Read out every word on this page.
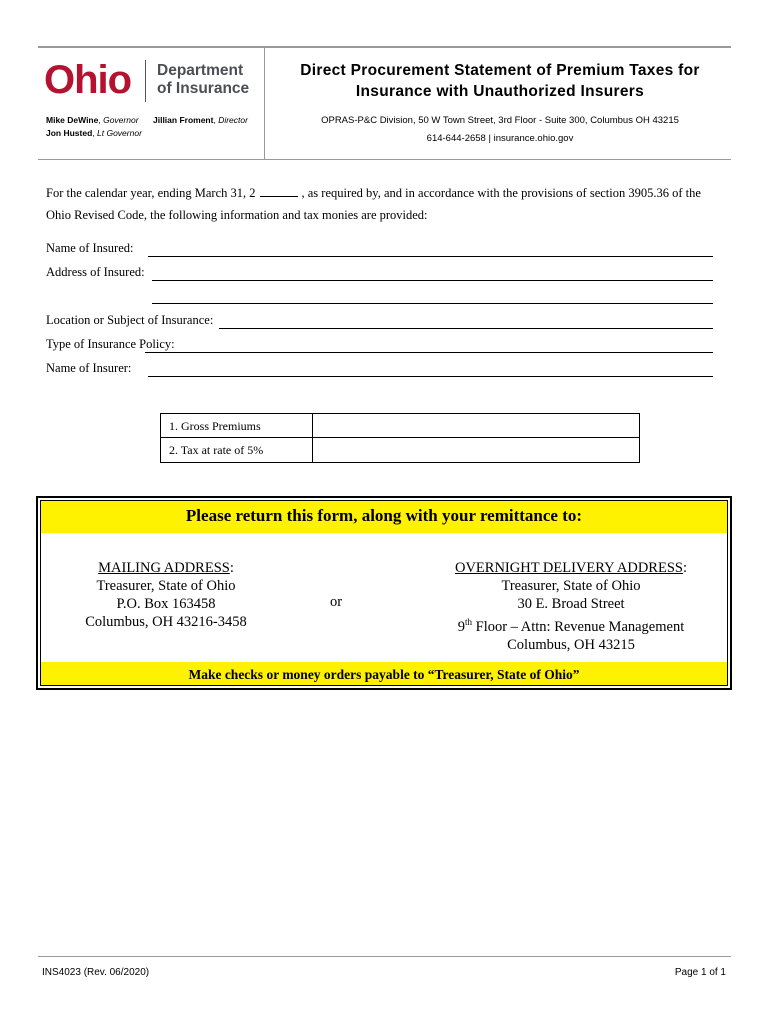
Ohio	Department
of Insurance
Mike DeWine, Governor Jillian Froment, Director
Jon Husted, Lt Governor
Direct Procurement Statement of Premium Taxes for
Insurance with Unauthorized Insurers
OPRAS-P&C Division, 50 W Town Street, 3rd Floor - Suite 300, Columbus OH 43215
614-644-2658 | insurance.ohio.gov
For the calendar year, ending March 31, 2	, as required by, and in accordance with the provisions of section 3905.36 of the
Ohio Revised Code, the following information and tax monies are provided:
Name of Insured:
Address of Insured:
Location or Subject of Insurance:
Type of Insurance Policy:
Name of Insurer:
1. Gross Premiums
2. Tax at rate of 5%
Please return this form, along with your remittance to:
MAILING ADDRESS:
Treasurer, State of Ohio
P.O. Box 163458
Columbus, OH 43216-3458
or
OVERNIGHT DELIVERY ADDRESS:
Treasurer, State of Ohio
30 E. Broad Street
9th Floor – Attn: Revenue Management
Columbus, OH 43215
Make checks or money orders payable to “Treasurer, State of Ohio”
INS4023 (Rev. 06/2020)	Page 1 of 1
